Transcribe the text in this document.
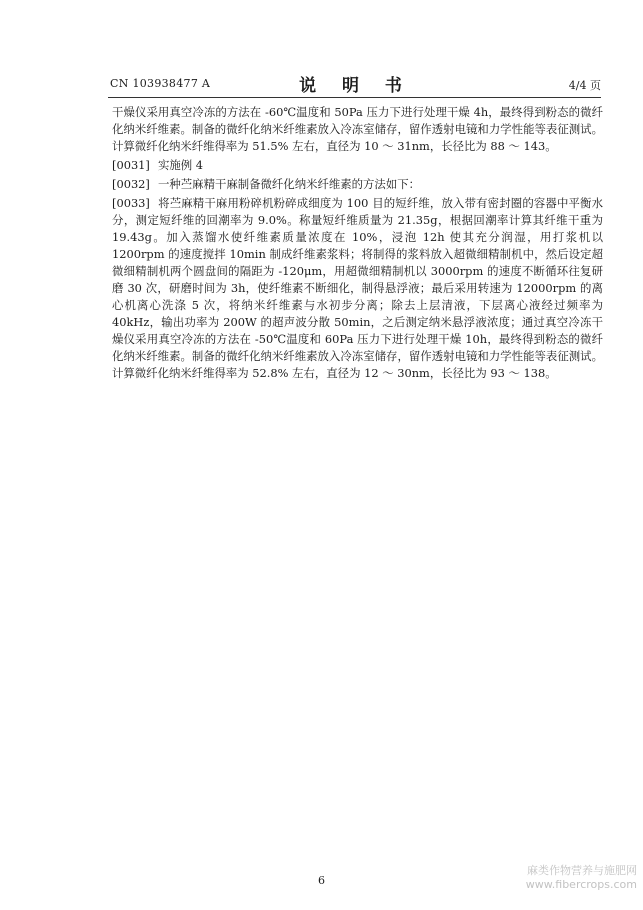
CN 103938477 A	说 明 书	4/4 页

干燥仪采用真空冷冻的方法在 -60℃温度和 50Pa 压力下进行处理干燥 4h，最终得到粉态的微纤化纳米纤维素。制备的微纤化纳米纤维素放入冷冻室储存，留作透射电镜和力学性能等表征测试。计算微纤化纳米纤维得率为 51.5% 左右，直径为 10 ～ 31nm，长径比为 88 ～ 143。

[0031] 实施例 4

[0032] 一种苎麻精干麻制备微纤化纳米纤维素的方法如下：

[0033] 将苎麻精干麻用粉碎机粉碎成细度为 100 目的短纤维，放入带有密封圈的容器中平衡水分，测定短纤维的回潮率为 9.0%。称量短纤维质量为 21.35g，根据回潮率计算其纤维干重为 19.43g。加入蒸馏水使纤维素质量浓度在 10%，浸泡 12h 使其充分润湿，用打浆机以 1200rpm 的速度搅拌 10min 制成纤维素浆料；将制得的浆料放入超微细精制机中，然后设定超微细精制机两个圆盘间的隔距为 -120μm，用超微细精制机以 3000rpm 的速度不断循环往复研磨 30 次，研磨时间为 3h，使纤维素不断细化，制得悬浮液；最后采用转速为 12000rpm 的离心机离心洗涤 5 次，将纳米纤维素与水初步分离；除去上层清液，下层离心液经过频率为 40kHz，输出功率为 200W 的超声波分散 50min，之后测定纳米悬浮液浓度；通过真空冷冻干燥仪采用真空冷冻的方法在 -50℃温度和 60Pa 压力下进行处理干燥 10h，最终得到粉态的微纤化纳米纤维素。制备的微纤化纳米纤维素放入冷冻室储存，留作透射电镜和力学性能等表征测试。计算微纤化纳米纤维得率为 52.8% 左右，直径为 12 ～ 30nm，长径比为 93 ～ 138。

6
麻类作物营养与施肥网
www.fibercrops.com
